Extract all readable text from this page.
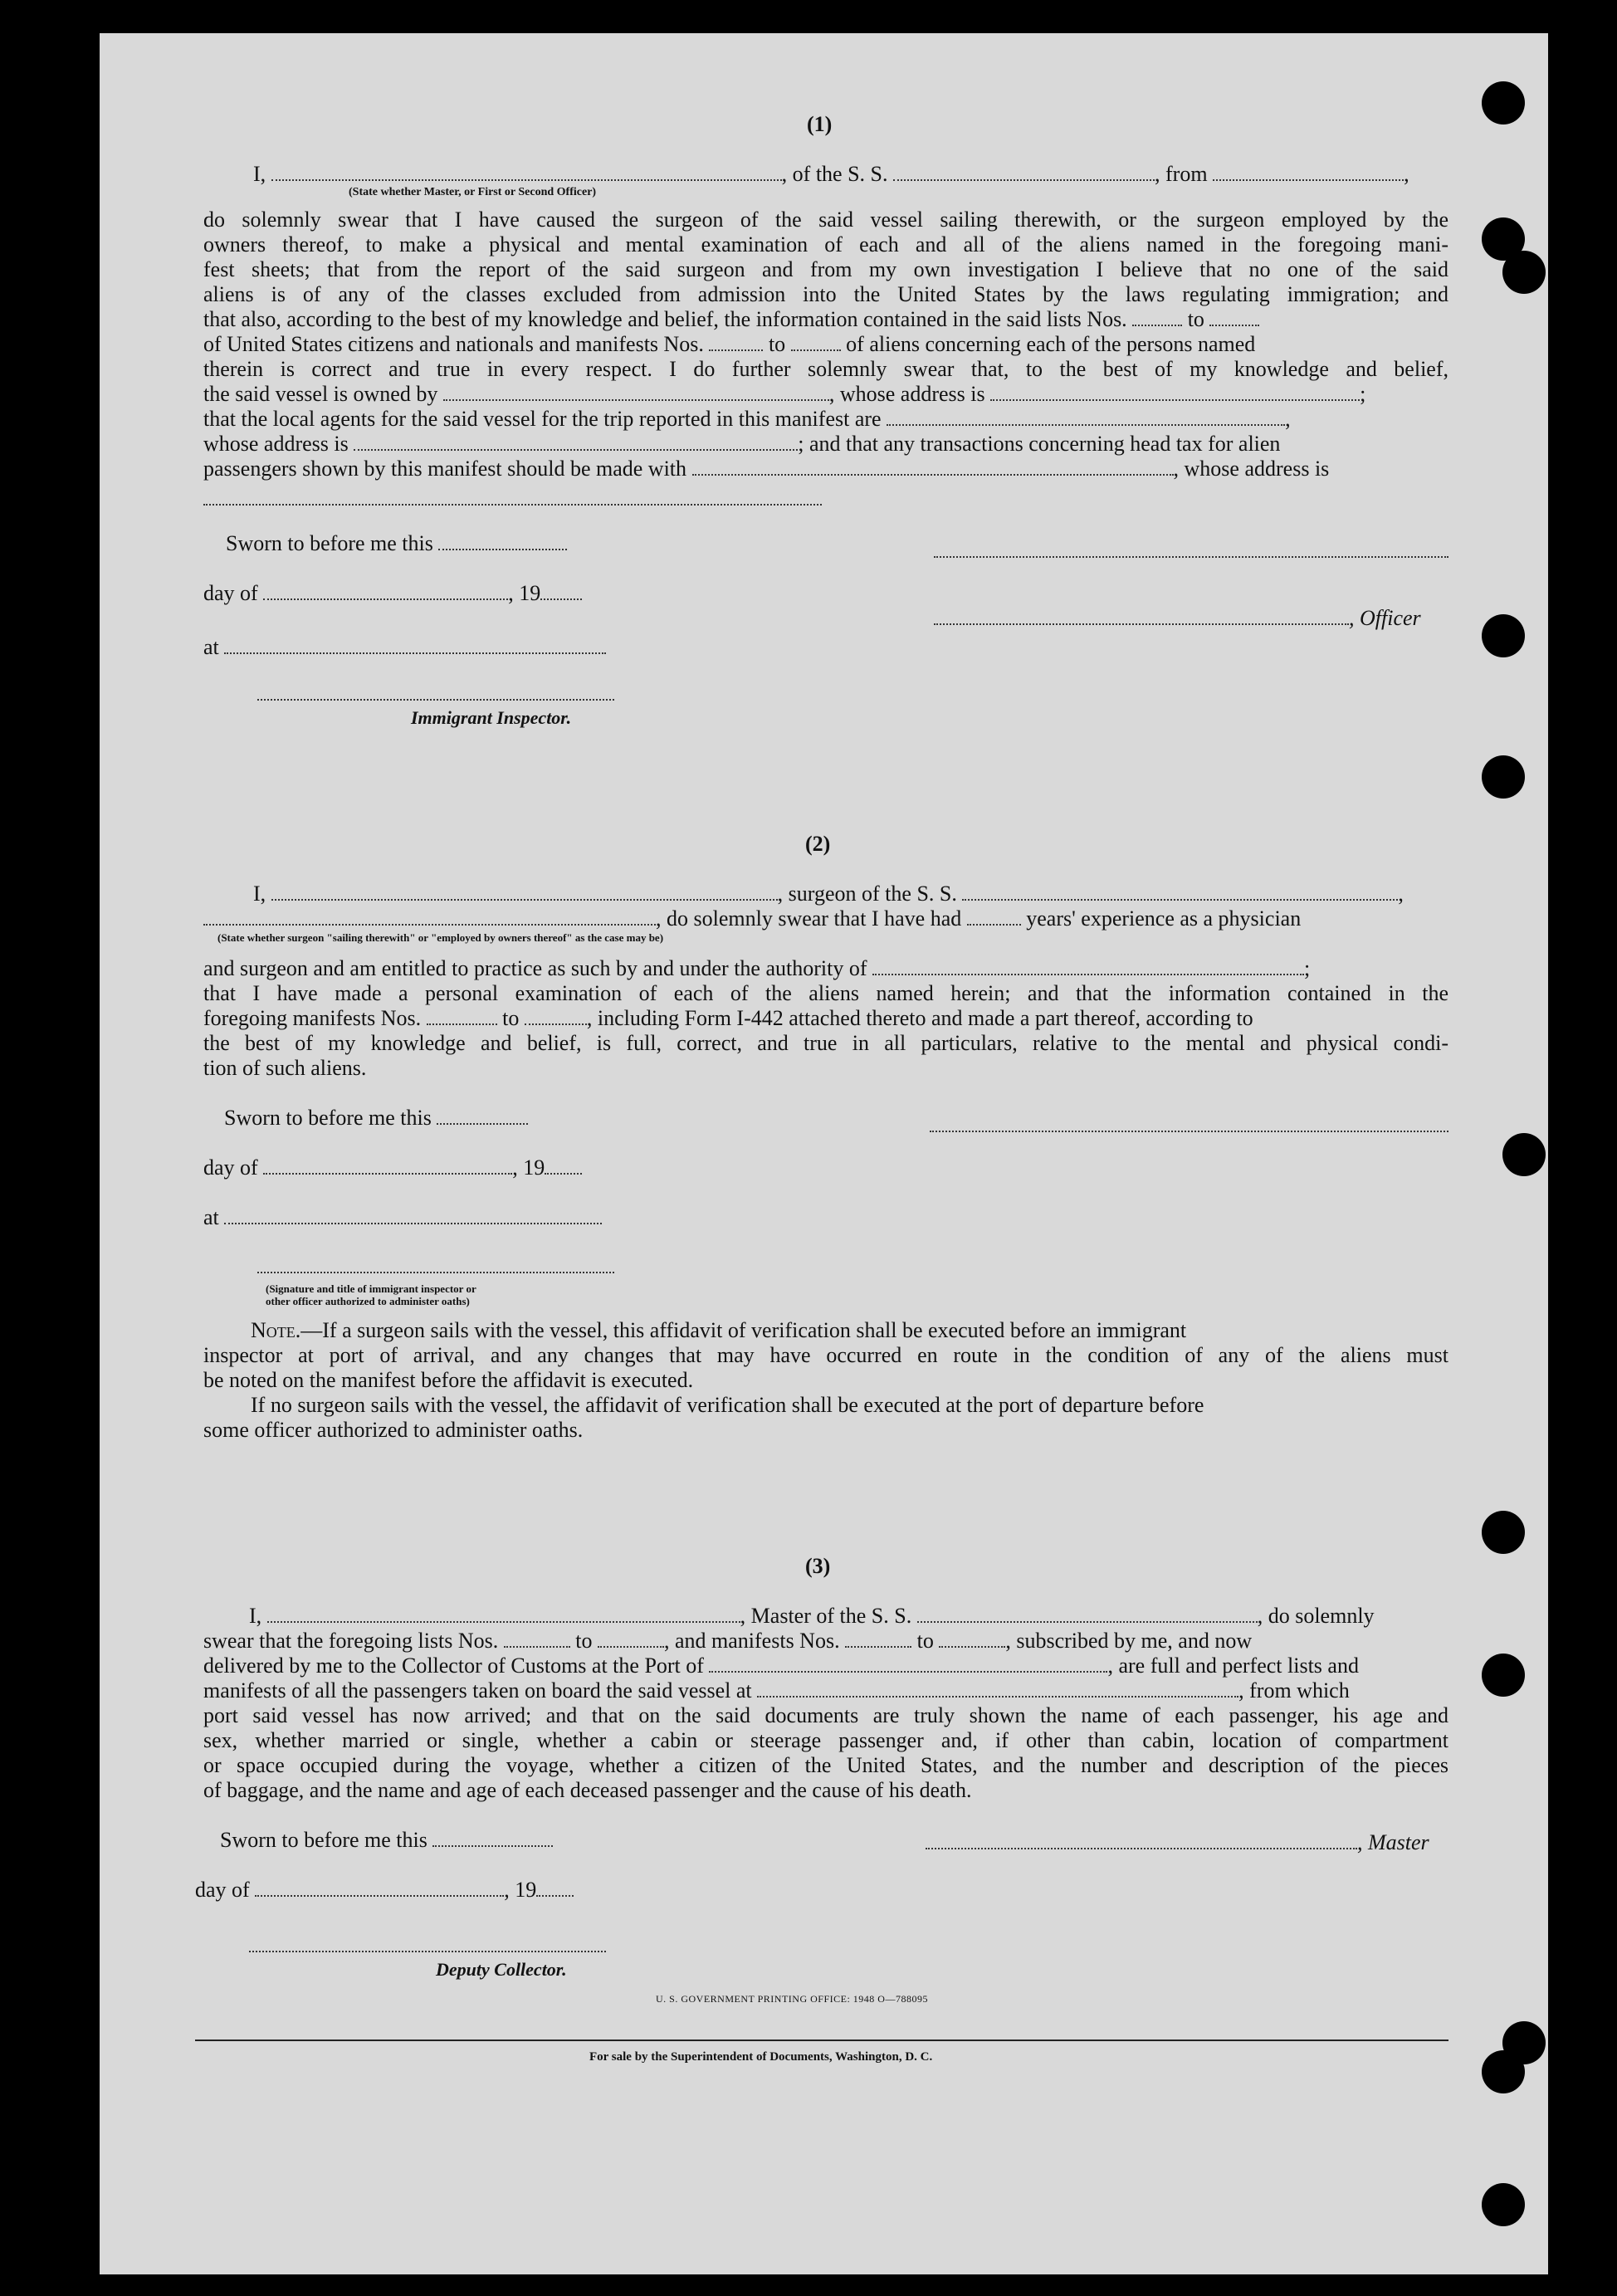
(1)
I,	, of the S. S.	, from	,
(State whether Master, or First or Second Officer)
do solemnly swear that I have caused the surgeon of the said vessel sailing therewith, or the surgeon employed by the
owners thereof, to make a physical and mental examination of each and all of the aliens named in the foregoing mani-
fest sheets; that from the report of the said surgeon and from my own investigation I believe that no one of the said
aliens is of any of the classes excluded from admission into the United States by the laws regulating immigration; and
that also, according to the best of my knowledge and belief, the information contained in the said lists Nos.	to
of United States citizens and nationals and manifests Nos.	to	of aliens concerning each of the persons named
therein is correct and true in every respect. I do further solemnly swear that, to the best of my knowledge and belief,
the said vessel is owned by	, whose address is	;
that the local agents for the said vessel for the trip reported in this manifest are	,
whose address is	; and that any transactions concerning head tax for alien
passengers shown by this manifest should be made with	, whose address is
Sworn to before me this
day of	, 19
, Officer
at
Immigrant Inspector.
(2)
I,	, surgeon of the S. S.	,
, do solemnly swear that I have had	years' experience as a physician
(State whether surgeon "sailing therewith" or "employed by owners thereof" as the case may be)
and surgeon and am entitled to practice as such by and under the authority of	;
that I have made a personal examination of each of the aliens named herein; and that the information contained in the
foregoing manifests Nos.	to	, including Form I-442 attached thereto and made a part thereof, according to
the best of my knowledge and belief, is full, correct, and true in all particulars, relative to the mental and physical condi-
tion of such aliens.
Sworn to before me this
day of	, 19
at
(Signature and title of immigrant inspector or
other officer authorized to administer oaths)
Note.—If a surgeon sails with the vessel, this affidavit of verification shall be executed before an immigrant
inspector at port of arrival, and any changes that may have occurred en route in the condition of any of the aliens must
be noted on the manifest before the affidavit is executed.
If no surgeon sails with the vessel, the affidavit of verification shall be executed at the port of departure before
some officer authorized to administer oaths.
(3)
I,	, Master of the S. S.	, do solemnly
swear that the foregoing lists Nos.	to	, and manifests Nos.	to	, subscribed by me, and now
delivered by me to the Collector of Customs at the Port of	, are full and perfect lists and
manifests of all the passengers taken on board the said vessel at	, from which
port said vessel has now arrived; and that on the said documents are truly shown the name of each passenger, his age and
sex, whether married or single, whether a cabin or steerage passenger and, if other than cabin, location of compartment
or space occupied during the voyage, whether a citizen of the United States, and the number and description of the pieces
of baggage, and the name and age of each deceased passenger and the cause of his death.
Sworn to before me this	, Master
day of	, 19
Deputy Collector.
U. S. GOVERNMENT PRINTING OFFICE: 1948 O—788095
For sale by the Superintendent of Documents, Washington, D. C.
